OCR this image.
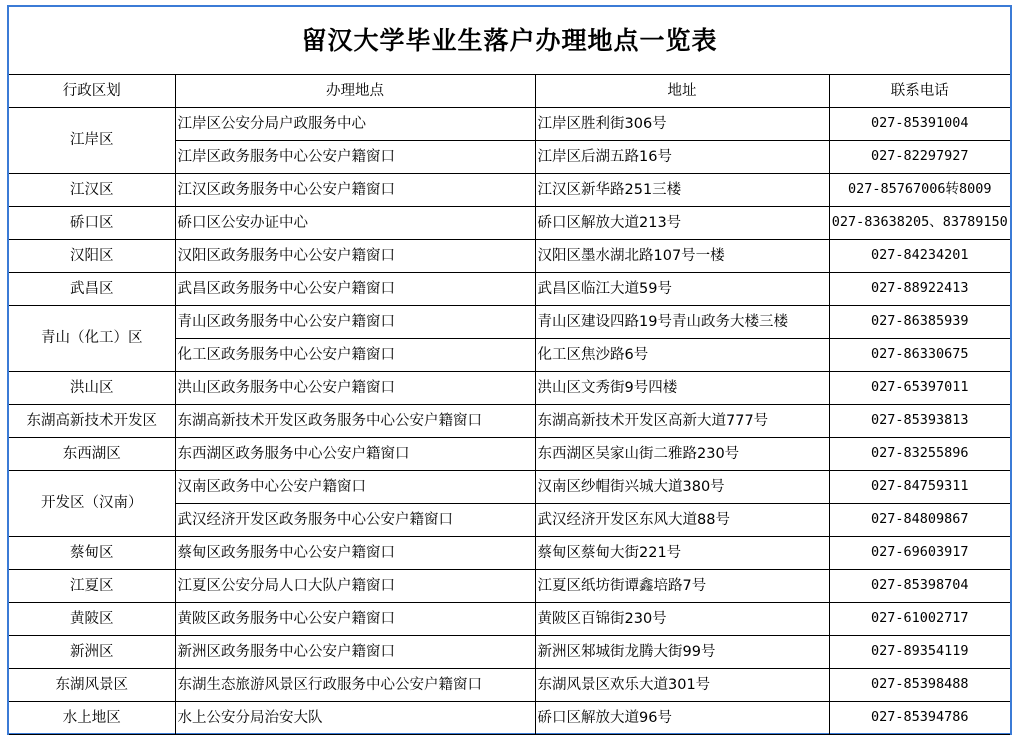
留汉大学毕业生落户办理地点一览表			
行政区划	办理地点	地址	联系电话
江岸区	江岸区公安分局户政服务中心	江岸区胜利街306号	027-85391004
	江岸区政务服务中心公安户籍窗口	江岸区后湖五路16号	027-82297927
江汉区	江汉区政务服务中心公安户籍窗口	江汉区新华路251三楼	027-85767006转8009
硚口区	硚口区公安办证中心	硚口区解放大道213号	027-83638205、83789150
汉阳区	汉阳区政务服务中心公安户籍窗口	汉阳区墨水湖北路107号一楼	027-84234201
武昌区	武昌区政务服务中心公安户籍窗口	武昌区临江大道59号	027-88922413
青山（化工）区	青山区政务服务中心公安户籍窗口	青山区建设四路19号青山政务大楼三楼	027-86385939
	化工区政务服务中心公安户籍窗口	化工区焦沙路6号	027-86330675
洪山区	洪山区政务服务中心公安户籍窗口	洪山区文秀街9号四楼	027-65397011
东湖高新技术开发区	东湖高新技术开发区政务服务中心公安户籍窗口	东湖高新技术开发区高新大道777号	027-85393813
东西湖区	东西湖区政务服务中心公安户籍窗口	东西湖区吴家山街二雅路230号	027-83255896
开发区（汉南）	汉南区政务中心公安户籍窗口	汉南区纱帽街兴城大道380号	027-84759311
	武汉经济开发区政务服务中心公安户籍窗口	武汉经济开发区东风大道88号	027-84809867
蔡甸区	蔡甸区政务服务中心公安户籍窗口	蔡甸区蔡甸大街221号	027-69603917
江夏区	江夏区公安分局人口大队户籍窗口	江夏区纸坊街谭鑫培路7号	027-85398704
黄陂区	黄陂区政务服务中心公安户籍窗口	黄陂区百锦街230号	027-61002717
新洲区	新洲区政务服务中心公安户籍窗口	新洲区邾城街龙腾大街99号	027-89354119
东湖风景区	东湖生态旅游风景区行政服务中心公安户籍窗口	东湖风景区欢乐大道301号	027-85398488
水上地区	水上公安分局治安大队	硚口区解放大道96号	027-85394786
